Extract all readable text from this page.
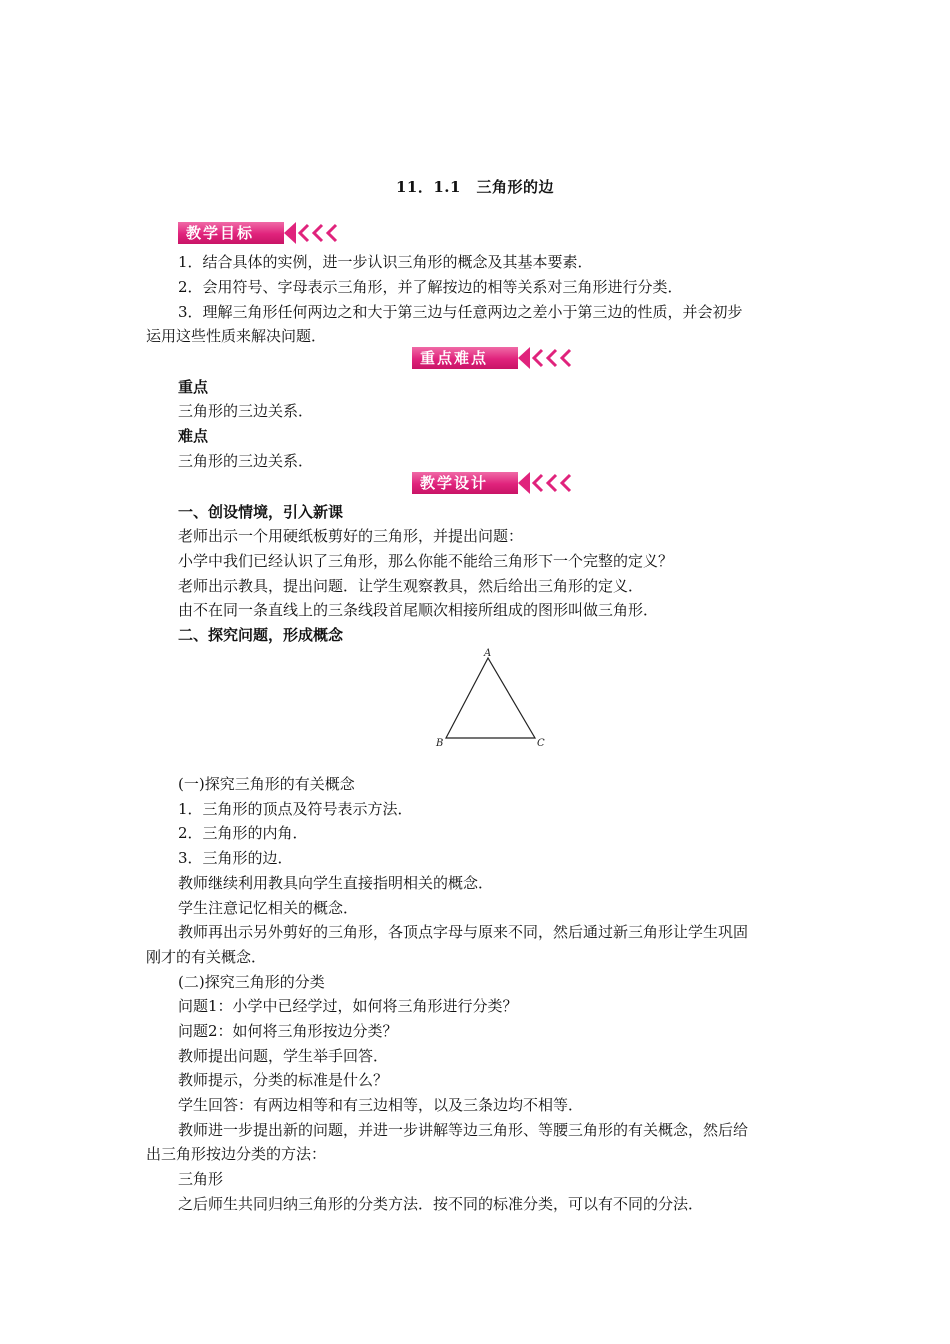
11．1.1　三角形的边
教学目标
1．结合具体的实例，进一步认识三角形的概念及其基本要素．
2．会用符号、字母表示三角形，并了解按边的相等关系对三角形进行分类．
3．理解三角形任何两边之和大于第三边与任意两边之差小于第三边的性质，并会初步
运用这些性质来解决问题．
重点难点
重点
三角形的三边关系．
难点
三角形的三边关系．
教学设计
一、创设情境，引入新课
老师出示一个用硬纸板剪好的三角形，并提出问题：
小学中我们已经认识了三角形，那么你能不能给三角形下一个完整的定义？
老师出示教具，提出问题．让学生观察教具，然后给出三角形的定义．
由不在同一条直线上的三条线段首尾顺次相接所组成的图形叫做三角形．
二、探究问题，形成概念
A
B	C
(一)探究三角形的有关概念
1．三角形的顶点及符号表示方法．
2．三角形的内角．
3．三角形的边．
教师继续利用教具向学生直接指明相关的概念．
学生注意记忆相关的概念．
教师再出示另外剪好的三角形，各顶点字母与原来不同，然后通过新三角形让学生巩固
刚才的有关概念．
(二)探究三角形的分类
问题1：小学中已经学过，如何将三角形进行分类？
问题2：如何将三角形按边分类？
教师提出问题，学生举手回答．
教师提示，分类的标准是什么？
学生回答：有两边相等和有三边相等，以及三条边均不相等．
教师进一步提出新的问题，并进一步讲解等边三角形、等腰三角形的有关概念，然后给
出三角形按边分类的方法：
三角形
之后师生共同归纳三角形的分类方法．按不同的标准分类，可以有不同的分法．
